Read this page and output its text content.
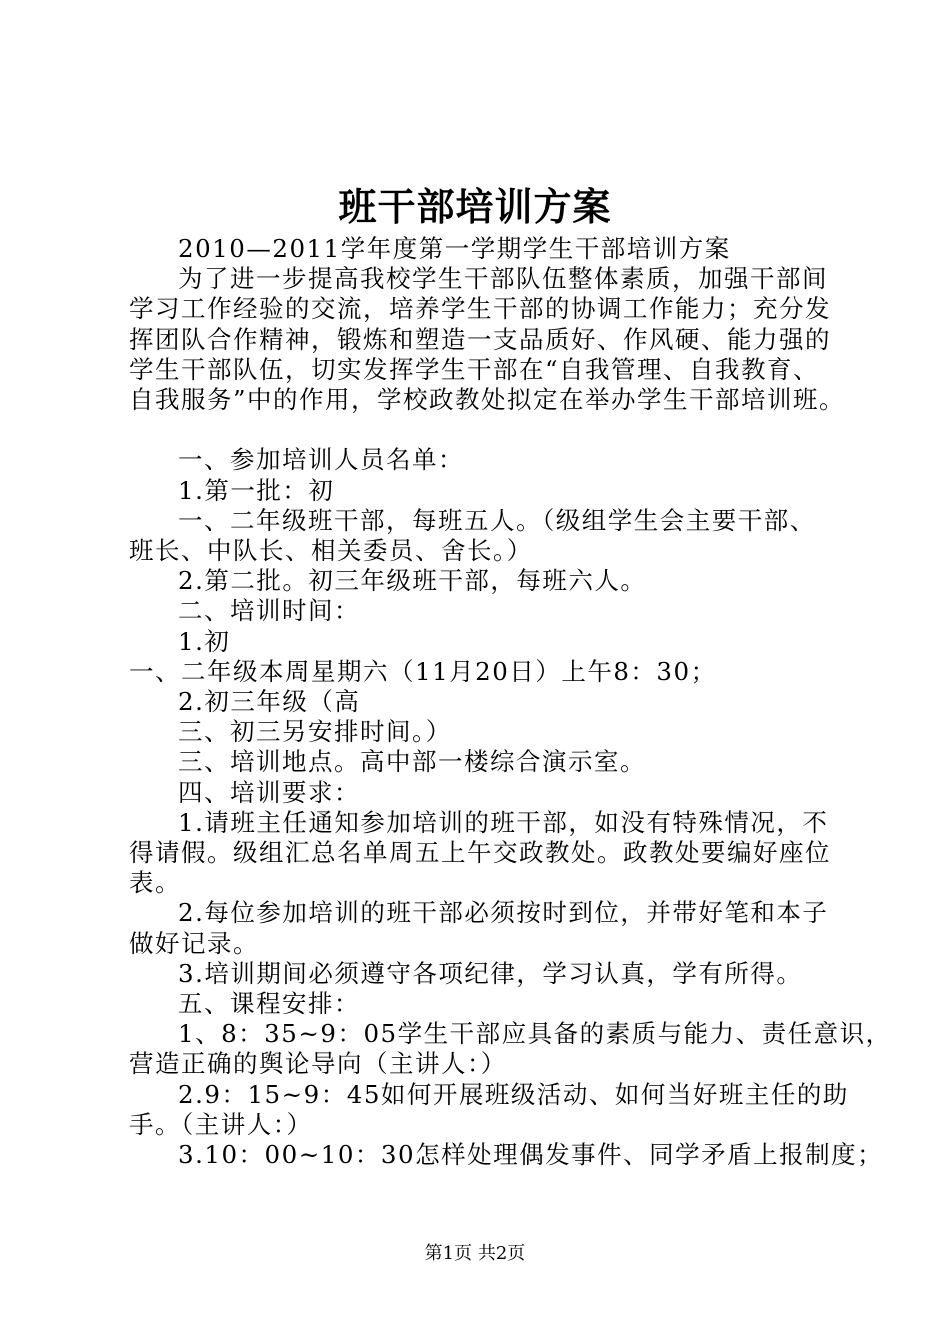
班干部培训方案

2010—2011学年度第一学期学生干部培训方案

为了进一步提高我校学生干部队伍整体素质，加强干部间

学习工作经验的交流，培养学生干部的协调工作能力；充分发

挥团队合作精神，锻炼和塑造一支品质好、作风硬、能力强的

学生干部队伍，切实发挥学生干部在“自我管理、自我教育、

自我服务”中的作用，学校政教处拟定在举办学生干部培训班。

一、参加培训人员名单：

1.第一批：初

一、二年级班干部，每班五人。（级组学生会主要干部、

班长、中队长、相关委员、舍长。）

2.第二批。初三年级班干部，每班六人。

二、培训时间：

1.初

一、二年级本周星期六（11月20日）上午8：30；

2.初三年级（高

三、初三另安排时间。）

三、培训地点。高中部一楼综合演示室。

四、培训要求：

1.请班主任通知参加培训的班干部，如没有特殊情况，不

得请假。级组汇总名单周五上午交政教处。政教处要编好座位

表。

2.每位参加培训的班干部必须按时到位，并带好笔和本子

做好记录。

3.培训期间必须遵守各项纪律，学习认真，学有所得。

五、课程安排：

1、8：35~9：05学生干部应具备的素质与能力、责任意识，

营造正确的舆论导向（主讲人：）

2.9：15~9：45如何开展班级活动、如何当好班主任的助

手。（主讲人：）

3.10：00~10：30怎样处理偶发事件、同学矛盾上报制度；

第1页 共2页
